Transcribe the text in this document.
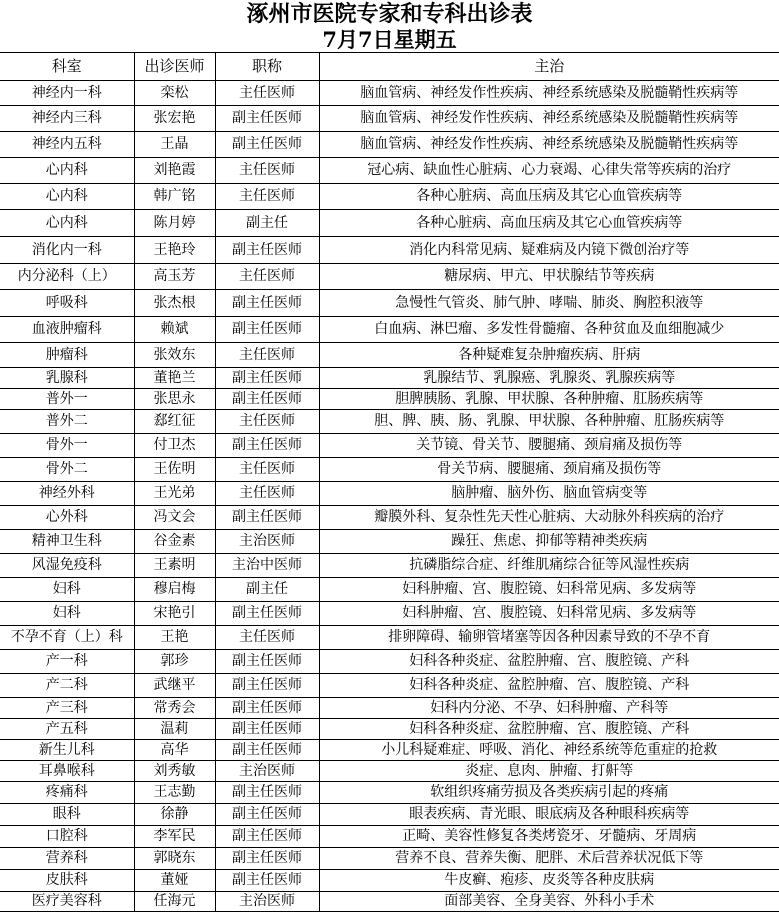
涿州市医院专家和专科出诊表
7月7日星期五
科室	出诊医师	职称	主治
神经内一科	栾松	主任医师	脑血管病、神经发作性疾病、神经系统感染及脱髓鞘性疾病等
神经内三科	张宏艳	副主任医师	脑血管病、神经发作性疾病、神经系统感染及脱髓鞘性疾病等
神经内五科	王晶	副主任医师	脑血管病、神经发作性疾病、神经系统感染及脱髓鞘性疾病等
心内科	刘艳霞	主任医师	冠心病、缺血性心脏病、心力衰竭、心律失常等疾病的治疗
心内科	韩广铭	主任医师	各种心脏病、高血压病及其它心血管疾病等
心内科	陈月婷	副主任	各种心脏病、高血压病及其它心血管疾病等
消化内一科	王艳玲	副主任医师	消化内科常见病、疑难病及内镜下微创治疗等
内分泌科（上）	高玉芳	主任医师	糖尿病、甲亢、甲状腺结节等疾病
呼吸科	张杰根	副主任医师	急慢性气管炎、肺气肿、哮喘、肺炎、胸腔积液等
血液肿瘤科	赖斌	副主任医师	白血病、淋巴瘤、多发性骨髓瘤、各种贫血及血细胞减少
肿瘤科	张效东	主任医师	各种疑难复杂肿瘤疾病、肝病
乳腺科	董艳兰	副主任医师	乳腺结节、乳腺癌、乳腺炎、乳腺疾病等
普外一	张思永	副主任医师	胆脾胰肠、乳腺、甲状腺、各种肿瘤、肛肠疾病等
普外二	郄红征	主任医师	胆、脾、胰、肠、乳腺、甲状腺、各种肿瘤、肛肠疾病等
骨外一	付卫杰	副主任医师	关节镜、骨关节、腰腿痛、颈肩痛及损伤等
骨外二	王佐明	主任医师	骨关节病、腰腿痛、颈肩痛及损伤等
神经外科	王光弟	主任医师	脑肿瘤、脑外伤、脑血管病变等
心外科	冯文会	副主任医师	瓣膜外科、复杂性先天性心脏病、大动脉外科疾病的治疗
精神卫生科	谷金素	主治医师	躁狂、焦虑、抑郁等精神类疾病
风湿免疫科	王素明	主治中医师	抗磷脂综合症、纤维肌痛综合征等风湿性疾病
妇科	穆启梅	副主任	妇科肿瘤、宫、腹腔镜、妇科常见病、多发病等
妇科	宋艳引	副主任医师	妇科肿瘤、宫、腹腔镜、妇科常见病、多发病等
不孕不育（上）科	王艳	主任医师	排卵障碍、输卵管堵塞等因各种因素导致的不孕不育
产一科	郭珍	副主任医师	妇科各种炎症、盆腔肿瘤、宫、腹腔镜、产科
产二科	武继平	副主任医师	妇科各种炎症、盆腔肿瘤、宫、腹腔镜、产科
产三科	常秀会	副主任医师	妇科内分泌、不孕、妇科肿瘤、产科等
产五科	温莉	副主任医师	妇科各种炎症、盆腔肿瘤、宫、腹腔镜、产科
新生儿科	高华	副主任医师	小儿科疑难症、呼吸、消化、神经系统等危重症的抢救
耳鼻喉科	刘秀敏	主治医师	炎症、息肉、肿瘤、打鼾等
疼痛科	王志勤	副主任医师	软组织疼痛劳损及各类疾病引起的疼痛
眼科	徐静	副主任医师	眼表疾病、青光眼、眼底病及各种眼科疾病等
口腔科	李军民	副主任医师	正畸、美容性修复各类烤瓷牙、牙髓病、牙周病
营养科	郭晓东	副主任医师	营养不良、营养失衡、肥胖、术后营养状况低下等
皮肤科	董娅	副主任医师	牛皮癣、疱疹、皮炎等各种皮肤病
医疗美容科	任海元	主治医师	面部美容、全身美容、外科小手术
